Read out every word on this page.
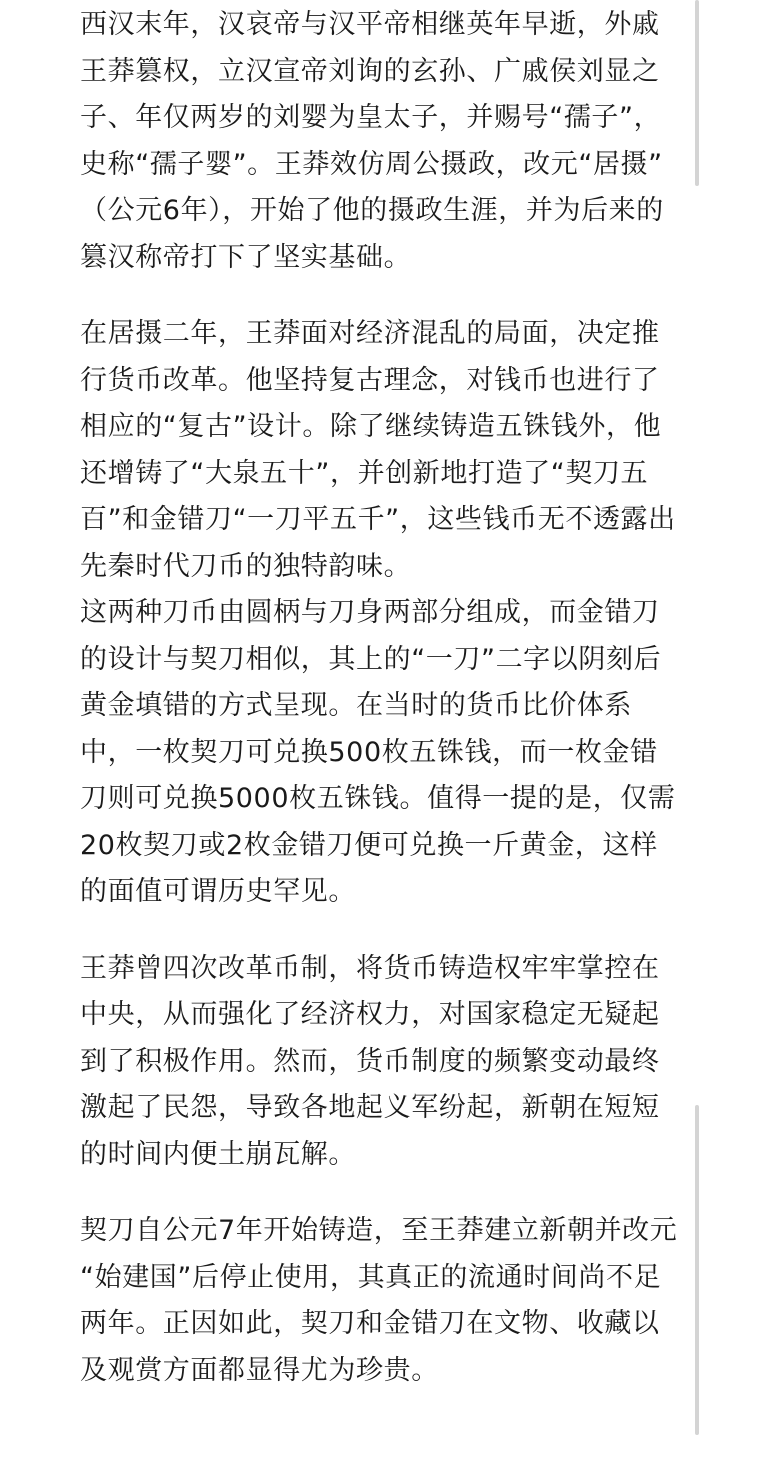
西汉末年，汉哀帝与汉平帝相继英年早逝，外戚
王莽篡权，立汉宣帝刘询的玄孙、广戚侯刘显之
子、年仅两岁的刘婴为皇太子，并赐号“孺子”，
史称“孺子婴”。王莽效仿周公摄政，改元“居摄”
（公元6年），开始了他的摄政生涯，并为后来的
篡汉称帝打下了坚实基础。

在居摄二年，王莽面对经济混乱的局面，决定推
行货币改革。他坚持复古理念，对钱币也进行了
相应的“复古”设计。除了继续铸造五铢钱外，他
还增铸了“大泉五十”，并创新地打造了“契刀五
百”和金错刀“一刀平五千”，这些钱币无不透露出
先秦时代刀币的独特韵味。

这两种刀币由圆柄与刀身两部分组成，而金错刀
的设计与契刀相似，其上的“一刀”二字以阴刻后
黄金填错的方式呈现。在当时的货币比价体系
中，一枚契刀可兑换500枚五铢钱，而一枚金错
刀则可兑换5000枚五铢钱。值得一提的是，仅需
20枚契刀或2枚金错刀便可兑换一斤黄金，这样
的面值可谓历史罕见。

王莽曾四次改革币制，将货币铸造权牢牢掌控在
中央，从而强化了经济权力，对国家稳定无疑起
到了积极作用。然而，货币制度的频繁变动最终
激起了民怨，导致各地起义军纷起，新朝在短短
的时间内便土崩瓦解。

契刀自公元7年开始铸造，至王莽建立新朝并改元
“始建国”后停止使用，其真正的流通时间尚不足
两年。正因如此，契刀和金错刀在文物、收藏以
及观赏方面都显得尤为珍贵。
